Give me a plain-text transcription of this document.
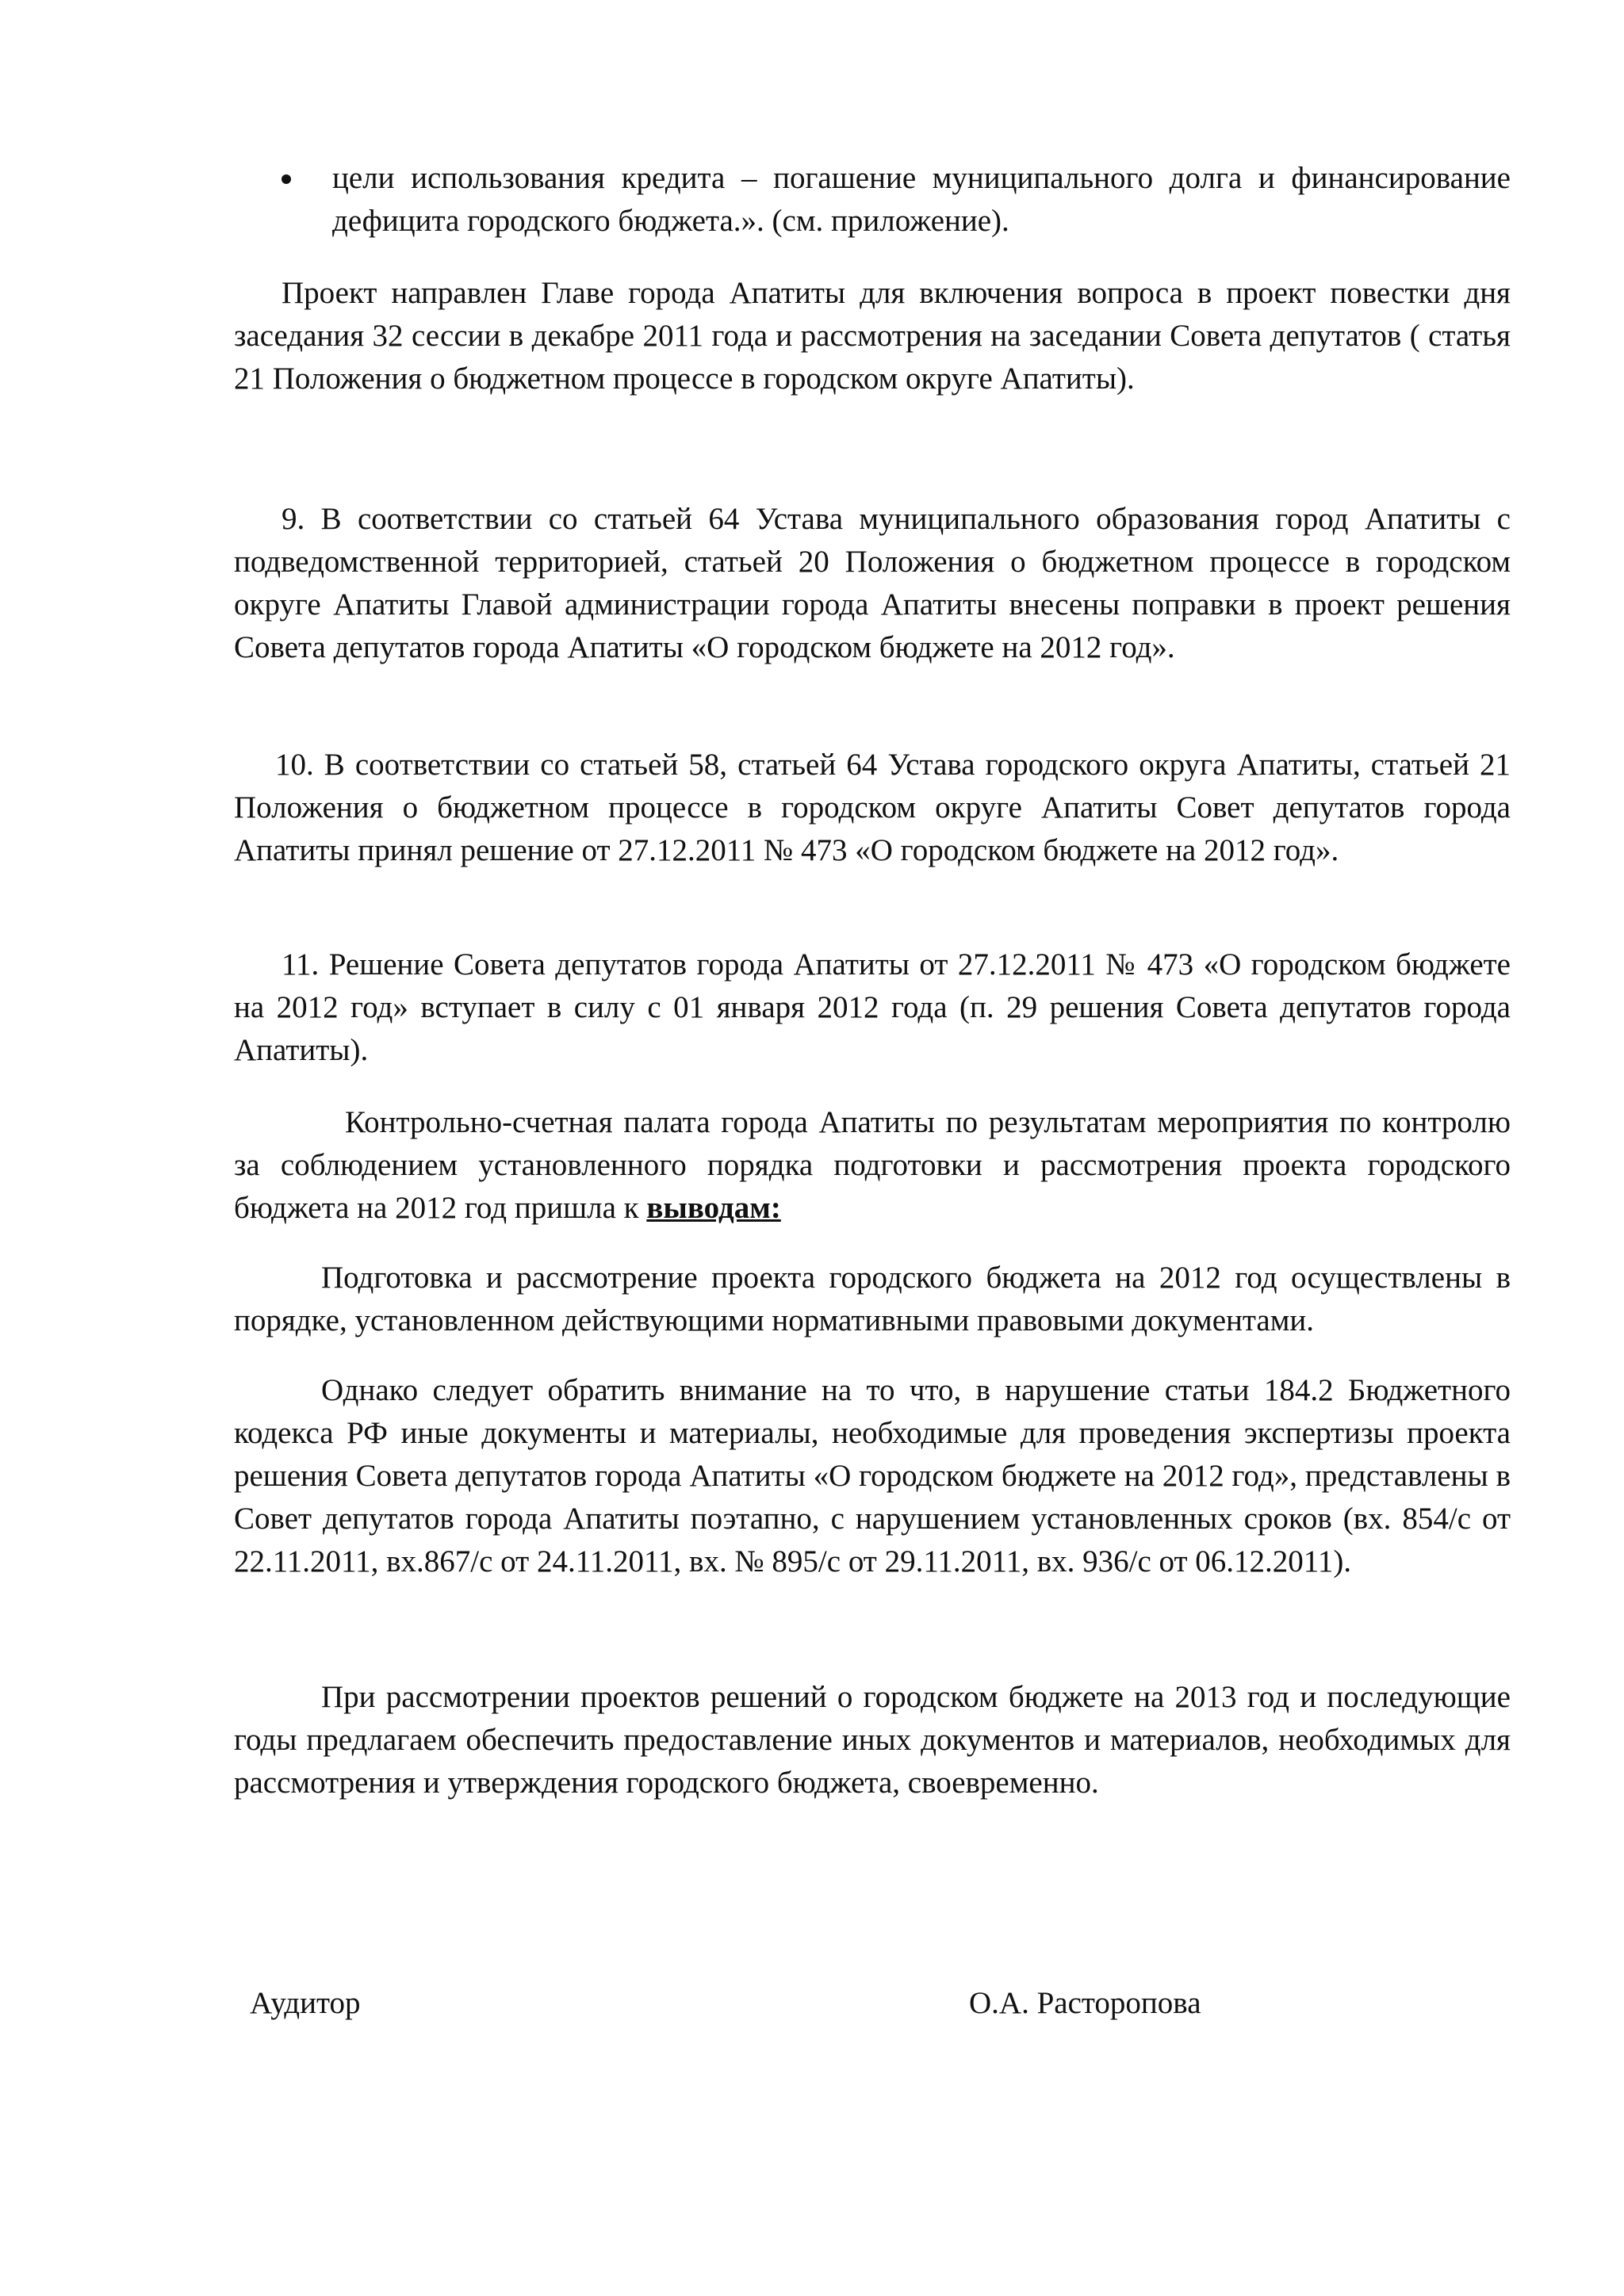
цели использования кредита – погашение муниципального долга и финансирование дефицита городского бюджета.». (см. приложение).

Проект направлен Главе города Апатиты для включения вопроса в проект повестки дня заседания 32 сессии в декабре 2011 года и рассмотрения на заседании Совета депутатов ( статья 21 Положения о бюджетном процессе в городском округе Апатиты).

9. В соответствии со статьей 64 Устава муниципального образования город Апатиты с подведомственной территорией, статьей 20 Положения о бюджетном процессе в городском округе Апатиты Главой администрации города Апатиты внесены поправки в проект решения Совета депутатов города Апатиты «О городском бюджете на 2012 год».

10. В соответствии со статьей 58, статьей 64 Устава городского округа Апатиты, статьей 21 Положения о бюджетном процессе в городском округе Апатиты Совет депутатов города Апатиты принял решение от 27.12.2011 № 473 «О городском бюджете на 2012 год».

11. Решение Совета депутатов города Апатиты от 27.12.2011 № 473 «О городском бюджете на 2012 год» вступает в силу с 01 января 2012 года (п. 29 решения Совета депутатов города Апатиты).

Контрольно-счетная палата города Апатиты по результатам мероприятия по контролю за соблюдением установленного порядка подготовки и рассмотрения проекта городского бюджета на 2012 год пришла к выводам:

Подготовка и рассмотрение проекта городского бюджета на 2012 год осуществлены в порядке, установленном действующими нормативными правовыми документами.

Однако следует обратить внимание на то что, в нарушение статьи 184.2 Бюджетного кодекса РФ иные документы и материалы, необходимые для проведения экспертизы проекта решения Совета депутатов города Апатиты «О городском бюджете на 2012 год», представлены в Совет депутатов города Апатиты поэтапно, с нарушением установленных сроков (вх. 854/с от 22.11.2011, вх.867/с от 24.11.2011, вх. № 895/с от 29.11.2011, вх. 936/с от 06.12.2011).

При рассмотрении проектов решений о городском бюджете на 2013 год и последующие годы предлагаем обеспечить предоставление иных документов и материалов, необходимых для рассмотрения и утверждения городского бюджета, своевременно.

Аудитор	О.А. Расторопова
